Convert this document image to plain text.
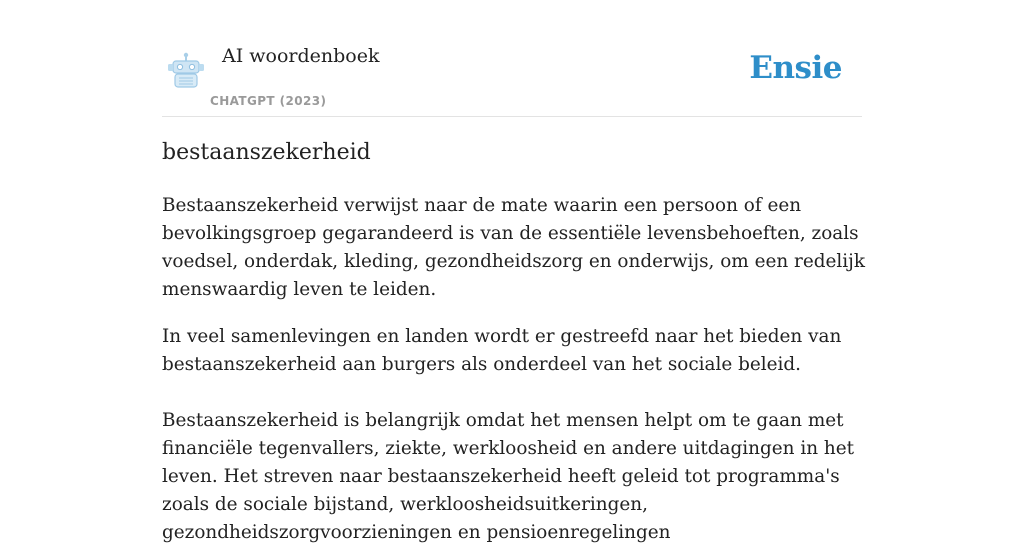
AI woordenboek
CHATGPT (2023)
Ensie
bestaanszekerheid

Bestaanszekerheid verwijst naar de mate waarin een persoon of een bevolkingsgroep gegarandeerd is van de essentiële levensbehoeften, zoals voedsel, onderdak, kleding, gezondheidszorg en onderwijs, om een redelijk menswaardig leven te leiden.

In veel samenlevingen en landen wordt er gestreefd naar het bieden van bestaanszekerheid aan burgers als onderdeel van het sociale beleid.

Bestaanszekerheid is belangrijk omdat het mensen helpt om te gaan met financiële tegenvallers, ziekte, werkloosheid en andere uitdagingen in het leven. Het streven naar bestaanszekerheid heeft geleid tot programma's zoals de sociale bijstand, werkloosheidsuitkeringen, gezondheidszorgvoorzieningen en pensioenregelingen
